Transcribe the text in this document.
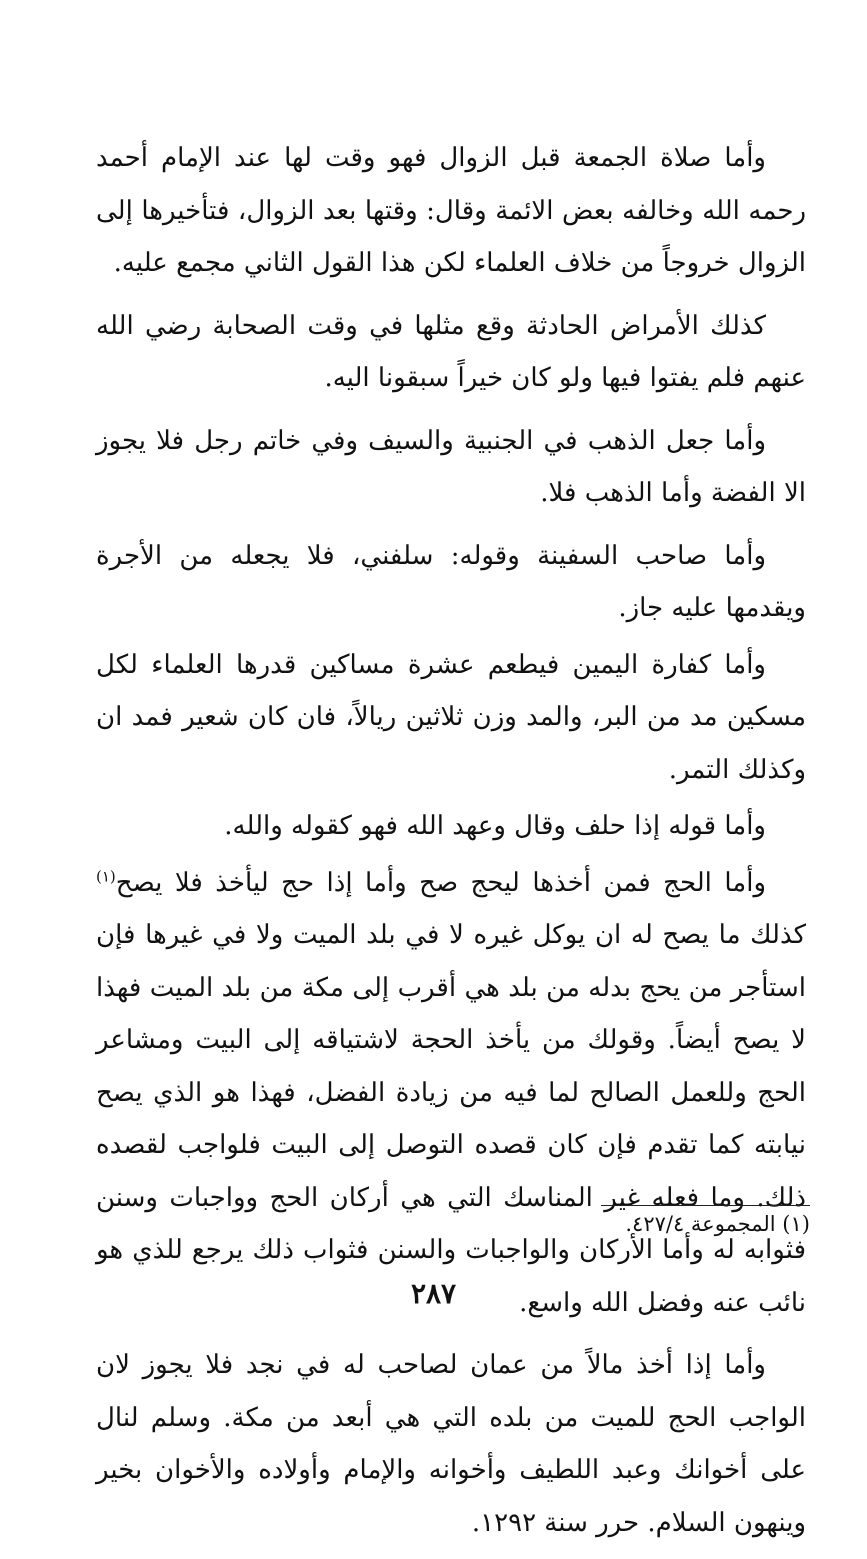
وأما صلاة الجمعة قبل الزوال فهو وقت لها عند الإمام أحمد رحمه الله وخالفه بعض الائمة وقال: وقتها بعد الزوال، فتأخيرها إلى الزوال خروجاً من خلاف العلماء لكن هذا القول الثاني مجمع عليه.

كذلك الأمراض الحادثة وقع مثلها في وقت الصحابة رضي الله عنهم فلم يفتوا فيها ولو كان خيراً سبقونا اليه.

وأما جعل الذهب في الجنبية والسيف وفي خاتم رجل فلا يجوز الا الفضة وأما الذهب فلا.

وأما صاحب السفينة وقوله: سلفني، فلا يجعله من الأجرة ويقدمها عليه جاز.

وأما كفارة اليمين فيطعم عشرة مساكين قدرها العلماء لكل مسكين مد من البر، والمد وزن ثلاثين ريالاً، فان كان شعير فمد ان وكذلك التمر.

وأما قوله إذا حلف وقال وعهد الله فهو كقوله والله.

وأما الحج فمن أخذها ليحج صح وأما إذا حج ليأخذ فلا يصح$^{(١)}$ كذلك ما يصح له ان يوكل غيره لا في بلد الميت ولا في غيرها فإن استأجر من يحج بدله من بلد هي أقرب إلى مكة من بلد الميت فهذا لا يصح أيضاً. وقولك من يأخذ الحجة لاشتياقه إلى البيت ومشاعر الحج وللعمل الصالح لما فيه من زيادة الفضل، فهذا هو الذي يصح نيابته كما تقدم فإن كان قصده التوصل إلى البيت فلواجب لقصده ذلك. وما فعله غير المناسك التي هي أركان الحج وواجبات وسنن فثوابه له وأما الأركان والواجبات والسنن فثواب ذلك يرجع للذي هو نائب عنه وفضل الله واسع.

وأما إذا أخذ مالاً من عمان لصاحب له في نجد فلا يجوز لان الواجب الحج للميت من بلده التي هي أبعد من مكة. وسلم لنال على أخوانك وعبد اللطيف وأخوانه والإمام وأولاده والأخوان بخير وينهون السلام. حرر سنة ١٢٩٢.

(١) المجموعة ٤٢٧/٤.
٢٨٧
